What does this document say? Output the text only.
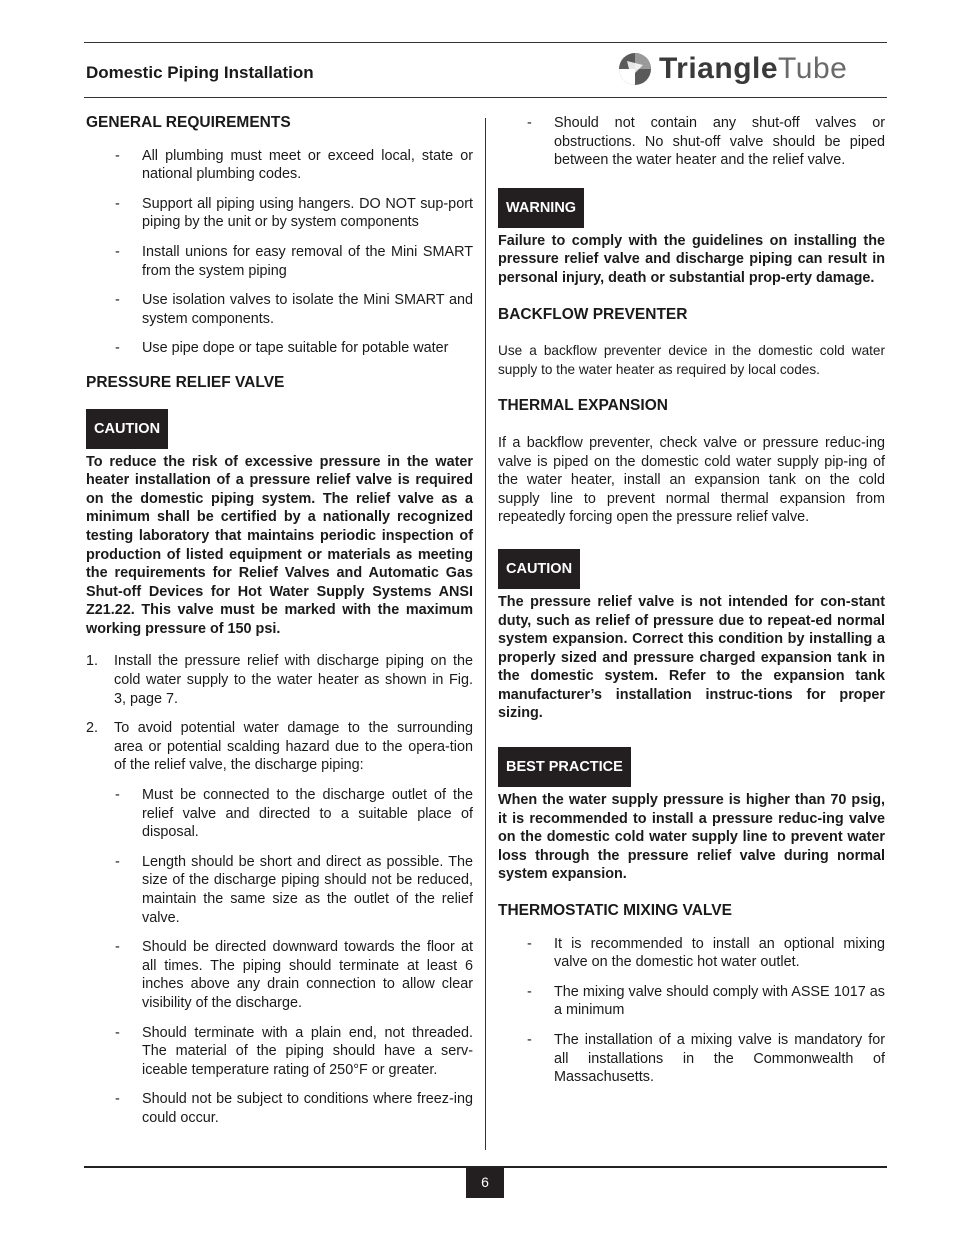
Domestic Piping Installation	TriangleTube
GENERAL REQUIREMENTS
- All plumbing must meet or exceed local, state or national plumbing codes.
- Support all piping using hangers. DO NOT sup-port piping by the unit or by system components
- Install unions for easy removal of the Mini SMART from the system piping
- Use isolation valves to isolate the Mini SMART and system components.
- Use pipe dope or tape suitable for potable water
PRESSURE RELIEF VALVE
CAUTION
To reduce the risk of excessive pressure in the water heater installation of a pressure relief valve is required on the domestic piping system. The relief valve as a minimum shall be certified by a nationally recognized testing laboratory that maintains periodic inspection of production of listed equipment or materials as meeting the requirements for Relief Valves and Automatic Gas Shut-off Devices for Hot Water Supply Systems ANSI Z21.22. This valve must be marked with the maximum working pressure of 150 psi.
1. Install the pressure relief with discharge piping on the cold water supply to the water heater as shown in Fig. 3, page 7.
2. To avoid potential water damage to the surrounding area or potential scalding hazard due to the opera-tion of the relief valve, the discharge piping:
- Must be connected to the discharge outlet of the relief valve and directed to a suitable place of disposal.
- Length should be short and direct as possible. The size of the discharge piping should not be reduced, maintain the same size as the outlet of the relief valve.
- Should be directed downward towards the floor at all times. The piping should terminate at least 6 inches above any drain connection to allow clear visibility of the discharge.
- Should terminate with a plain end, not threaded. The material of the piping should have a serv-iceable temperature rating of 250°F or greater.
- Should not be subject to conditions where freez-ing could occur.
- Should not contain any shut-off valves or obstructions. No shut-off valve should be piped between the water heater and the relief valve.
WARNING
Failure to comply with the guidelines on installing the pressure relief valve and discharge piping can result in personal injury, death or substantial prop-erty damage.
BACKFLOW PREVENTER
Use a backflow preventer device in the domestic cold water supply to the water heater as required by local codes.
THERMAL EXPANSION
If a backflow preventer, check valve or pressure reduc-ing valve is piped on the domestic cold water supply pip-ing of the water heater, install an expansion tank on the cold supply line to prevent normal thermal expansion from repeatedly forcing open the pressure relief valve.
CAUTION
The pressure relief valve is not intended for con-stant duty, such as relief of pressure due to repeat-ed normal system expansion. Correct this condition by installing a properly sized and pressure charged expansion tank in the domestic system. Refer to the expansion tank manufacturer’s installation instruc-tions for proper sizing.
BEST PRACTICE
When the water supply pressure is higher than 70 psig, it is recommended to install a pressure reduc-ing valve on the domestic cold water supply line to prevent water loss through the pressure relief valve during normal system expansion.
THERMOSTATIC MIXING VALVE
- It is recommended to install an optional mixing valve on the domestic hot water outlet.
- The mixing valve should comply with ASSE 1017 as a minimum
- The installation of a mixing valve is mandatory for all installations in the Commonwealth of Massachusetts.
6
